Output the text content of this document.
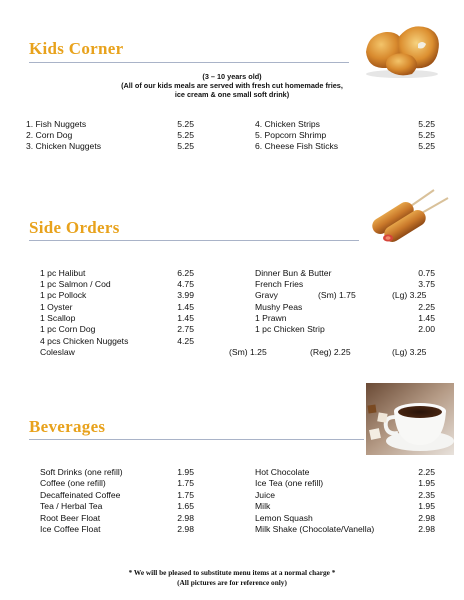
Kids Corner
(3 – 10 years old)
(All of our kids meals are served with fresh cut homemade fries,
ice cream & one small soft drink)
1. Fish Nuggets	5.25
2. Corn Dog	5.25
3. Chicken Nuggets	5.25
4. Chicken Strips	5.25
5. Popcorn Shrimp	5.25
6. Cheese Fish Sticks	5.25
Side Orders
1 pc Halibut	6.25
1 pc Salmon / Cod	4.75
1 pc Pollock	3.99
1 Oyster	1.45
1 Scallop	1.45
1 pc Corn Dog	2.75
4 pcs Chicken Nuggets	4.25
Dinner Bun & Butter	0.75
French Fries	3.75
Gravy	(Sm) 1.75	(Lg) 3.25
Mushy Peas	2.25
1 Prawn	1.45
1 pc Chicken Strip	2.00
Coleslaw	(Sm) 1.25	(Reg) 2.25	(Lg) 3.25
Beverages
Soft Drinks (one refill)	1.95
Coffee (one refill)	1.75
Decaffeinated Coffee	1.75
Tea / Herbal Tea	1.65
Root Beer Float	2.98
Ice Coffee Float	2.98
Hot Chocolate	2.25
Ice Tea (one refill)	1.95
Juice	2.35
Milk	1.95
Lemon Squash	2.98
Milk Shake (Chocolate/Vanella)	2.98
* We will be pleased to substitute menu items at a normal charge *
(All pictures are for reference only)
